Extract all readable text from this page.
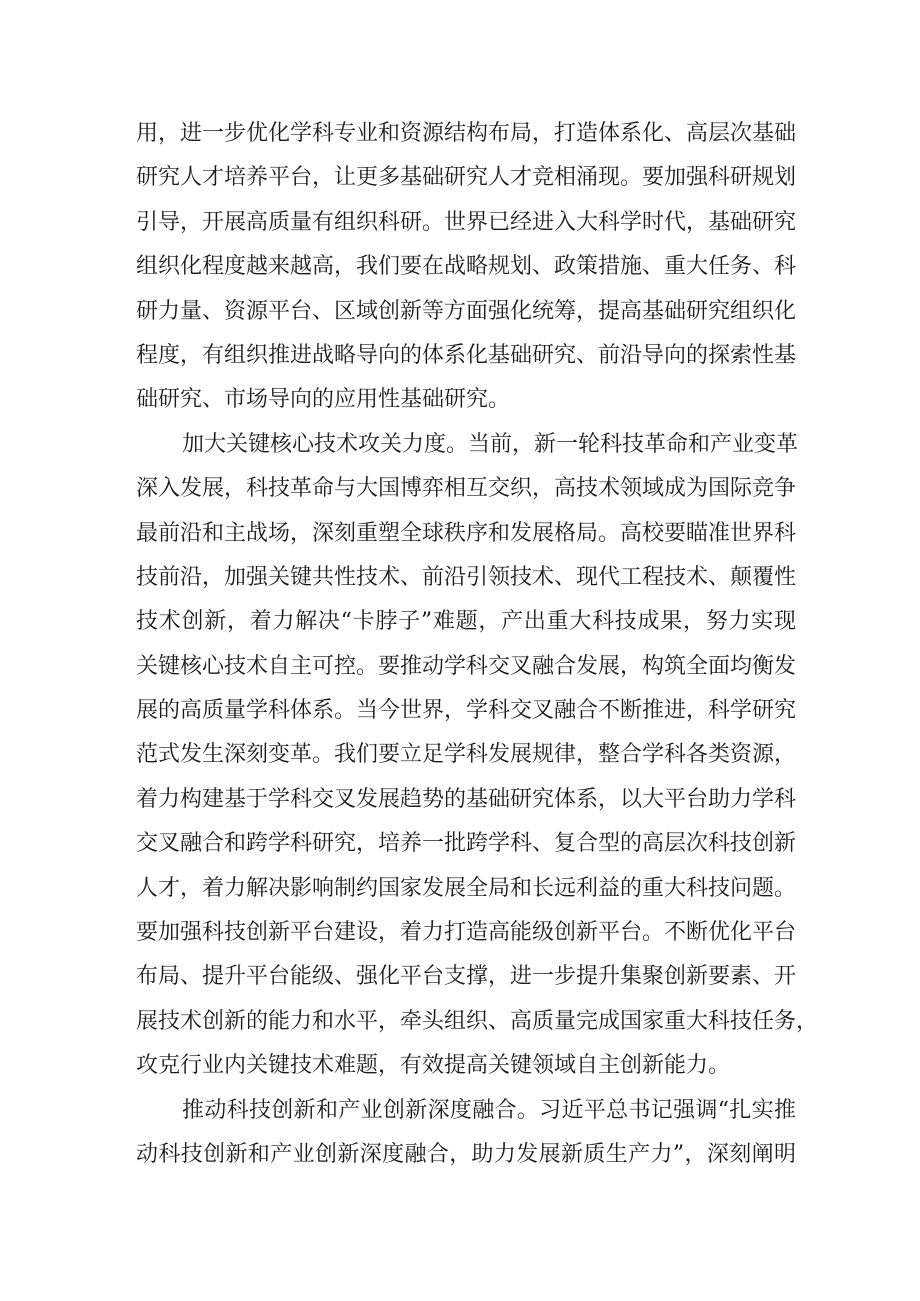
用，进一步优化学科专业和资源结构布局，打造体系化、高层次基础
研究人才培养平台，让更多基础研究人才竞相涌现。要加强科研规划
引导，开展高质量有组织科研。世界已经进入大科学时代，基础研究
组织化程度越来越高，我们要在战略规划、政策措施、重大任务、科
研力量、资源平台、区域创新等方面强化统筹，提高基础研究组织化
程度，有组织推进战略导向的体系化基础研究、前沿导向的探索性基
础研究、市场导向的应用性基础研究。
加大关键核心技术攻关力度。当前，新一轮科技革命和产业变革
深入发展，科技革命与大国博弈相互交织，高技术领域成为国际竞争
最前沿和主战场，深刻重塑全球秩序和发展格局。高校要瞄准世界科
技前沿，加强关键共性技术、前沿引领技术、现代工程技术、颠覆性
技术创新，着力解决“卡脖子”难题，产出重大科技成果，努力实现
关键核心技术自主可控。要推动学科交叉融合发展，构筑全面均衡发
展的高质量学科体系。当今世界，学科交叉融合不断推进，科学研究
范式发生深刻变革。我们要立足学科发展规律，整合学科各类资源，
着力构建基于学科交叉发展趋势的基础研究体系，以大平台助力学科
交叉融合和跨学科研究，培养一批跨学科、复合型的高层次科技创新
人才，着力解决影响制约国家发展全局和长远利益的重大科技问题。
要加强科技创新平台建设，着力打造高能级创新平台。不断优化平台
布局、提升平台能级、强化平台支撑，进一步提升集聚创新要素、开
展技术创新的能力和水平，牵头组织、高质量完成国家重大科技任务，
攻克行业内关键技术难题，有效提高关键领域自主创新能力。
推动科技创新和产业创新深度融合。习近平总书记强调“扎实推
动科技创新和产业创新深度融合，助力发展新质生产力”，深刻阐明
